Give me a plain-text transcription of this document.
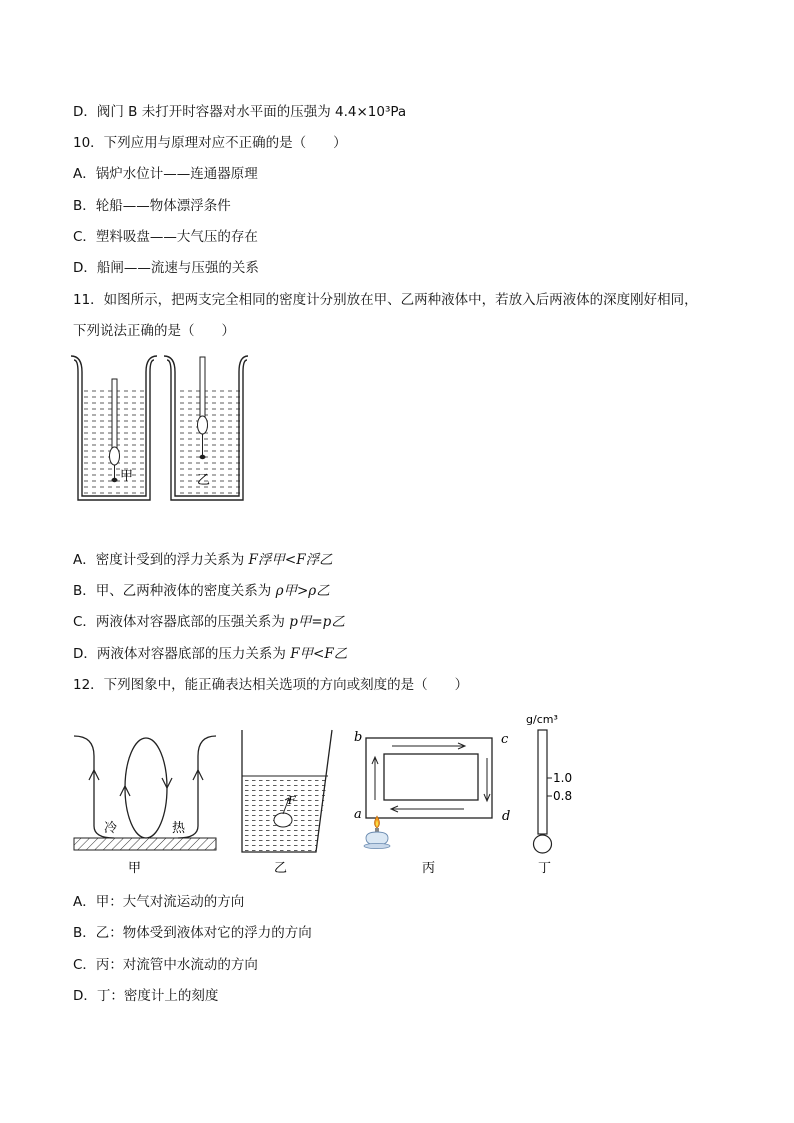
D．阀门 B 未打开时容器对水平面的压强为 4.4×10³Pa
10．下列应用与原理对应不正确的是（　　）
A．锅炉水位计——连通器原理
B．轮船——物体漂浮条件
C．塑料吸盘——大气压的存在
D．船闸——流速与压强的关系
11．如图所示，把两支完全相同的密度计分别放在甲、乙两种液体中，若放入后两液体的深度刚好相同，
下列说法正确的是（　　）
甲	乙
A．密度计受到的浮力关系为 F浮甲<F浮乙
B．甲、乙两种液体的密度关系为 ρ甲>ρ乙
C．两液体对容器底部的压强关系为 p甲=p乙
D．两液体对容器底部的压力关系为 F甲<F乙
12．下列图象中，能正确表达相关选项的方向或刻度的是（　　）
冷	热
甲
F
乙
b	c
a	d
丙
g/cm³
1.0
0.8
丁
A．甲：大气对流运动的方向
B．乙：物体受到液体对它的浮力的方向
C．丙：对流管中水流动的方向
D．丁：密度计上的刻度
